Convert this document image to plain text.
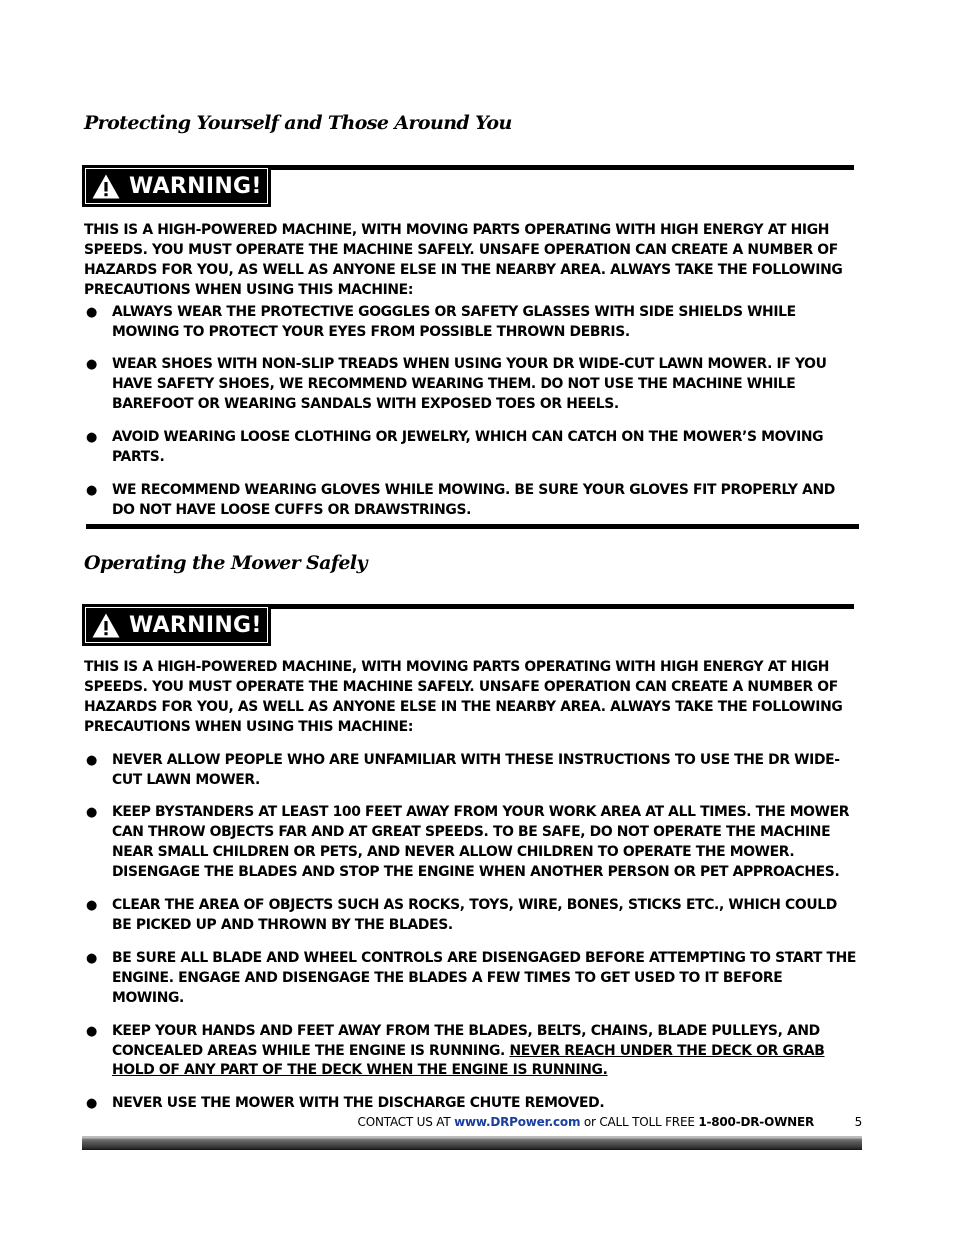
Protecting Yourself and Those Around You
WARNING!

THIS IS A HIGH-POWERED MACHINE, WITH MOVING PARTS OPERATING WITH HIGH ENERGY AT HIGH SPEEDS. YOU MUST OPERATE THE MACHINE SAFELY. UNSAFE OPERATION CAN CREATE A NUMBER OF HAZARDS FOR YOU, AS WELL AS ANYONE ELSE IN THE NEARBY AREA. ALWAYS TAKE THE FOLLOWING PRECAUTIONS WHEN USING THIS MACHINE:

● ALWAYS WEAR THE PROTECTIVE GOGGLES OR SAFETY GLASSES WITH SIDE SHIELDS WHILE MOWING TO PROTECT YOUR EYES FROM POSSIBLE THROWN DEBRIS.
● WEAR SHOES WITH NON-SLIP TREADS WHEN USING YOUR DR WIDE-CUT LAWN MOWER. IF YOU HAVE SAFETY SHOES, WE RECOMMEND WEARING THEM. DO NOT USE THE MACHINE WHILE BAREFOOT OR WEARING SANDALS WITH EXPOSED TOES OR HEELS.
● AVOID WEARING LOOSE CLOTHING OR JEWELRY, WHICH CAN CATCH ON THE MOWER’S MOVING PARTS.
● WE RECOMMEND WEARING GLOVES WHILE MOWING. BE SURE YOUR GLOVES FIT PROPERLY AND DO NOT HAVE LOOSE CUFFS OR DRAWSTRINGS.
Operating the Mower Safely
WARNING!

THIS IS A HIGH-POWERED MACHINE, WITH MOVING PARTS OPERATING WITH HIGH ENERGY AT HIGH SPEEDS. YOU MUST OPERATE THE MACHINE SAFELY. UNSAFE OPERATION CAN CREATE A NUMBER OF HAZARDS FOR YOU, AS WELL AS ANYONE ELSE IN THE NEARBY AREA. ALWAYS TAKE THE FOLLOWING PRECAUTIONS WHEN USING THIS MACHINE:

● NEVER ALLOW PEOPLE WHO ARE UNFAMILIAR WITH THESE INSTRUCTIONS TO USE THE DR WIDE-CUT LAWN MOWER.
● KEEP BYSTANDERS AT LEAST 100 FEET AWAY FROM YOUR WORK AREA AT ALL TIMES. THE MOWER CAN THROW OBJECTS FAR AND AT GREAT SPEEDS. TO BE SAFE, DO NOT OPERATE THE MACHINE NEAR SMALL CHILDREN OR PETS, AND NEVER ALLOW CHILDREN TO OPERATE THE MOWER. DISENGAGE THE BLADES AND STOP THE ENGINE WHEN ANOTHER PERSON OR PET APPROACHES.
● CLEAR THE AREA OF OBJECTS SUCH AS ROCKS, TOYS, WIRE, BONES, STICKS ETC., WHICH COULD BE PICKED UP AND THROWN BY THE BLADES.
● BE SURE ALL BLADE AND WHEEL CONTROLS ARE DISENGAGED BEFORE ATTEMPTING TO START THE ENGINE. ENGAGE AND DISENGAGE THE BLADES A FEW TIMES TO GET USED TO IT BEFORE MOWING.
● KEEP YOUR HANDS AND FEET AWAY FROM THE BLADES, BELTS, CHAINS, BLADE PULLEYS, AND CONCEALED AREAS WHILE THE ENGINE IS RUNNING. NEVER REACH UNDER THE DECK OR GRAB HOLD OF ANY PART OF THE DECK WHEN THE ENGINE IS RUNNING.
● NEVER USE THE MOWER WITH THE DISCHARGE CHUTE REMOVED.
CONTACT US AT www.DRPower.com or CALL TOLL FREE 1-800-DR-OWNER	5
